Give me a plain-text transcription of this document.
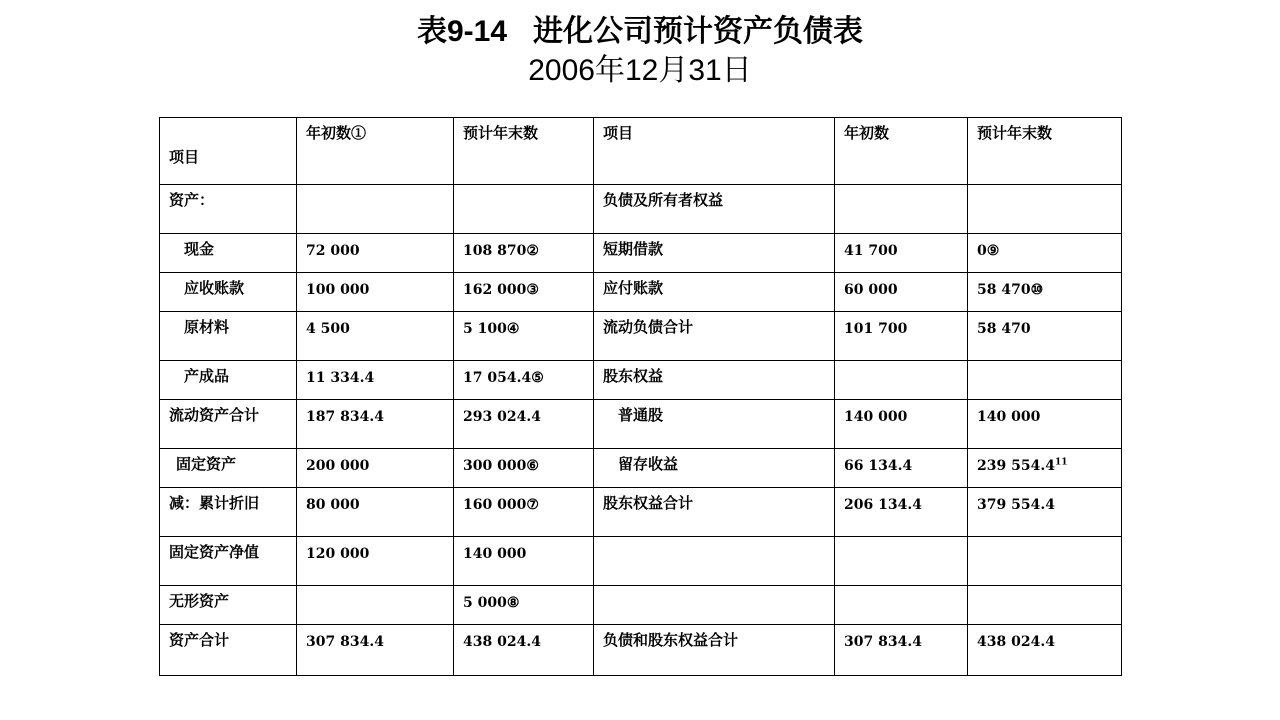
表9-14 进化公司预计资产负债表
2006年12月31日
项目	年初数①	预计年末数	项目	年初数	预计年末数
资产：			负债及所有者权益		
现金	72 000	108 870②	短期借款	41 700	0⑨
应收账款	100 000	162 000③	应付账款	60 000	58 470⑩
原材料	4 500	5 100④	流动负债合计	101 700	58 470
产成品	11 334.4	17 054.4⑤	股东权益		
流动资产合计	187 834.4	293 024.4	普通股	140 000	140 000
固定资产	200 000	300 000⑥	留存收益	66 134.4	239 554.4$^{11}$
减：累计折旧	80 000	160 000⑦	股东权益合计	206 134.4	379 554.4
固定资产净值	120 000	140 000			
无形资产		5 000⑧			
资产合计	307 834.4	438 024.4	负债和股东权益合计	307 834.4	438 024.4
